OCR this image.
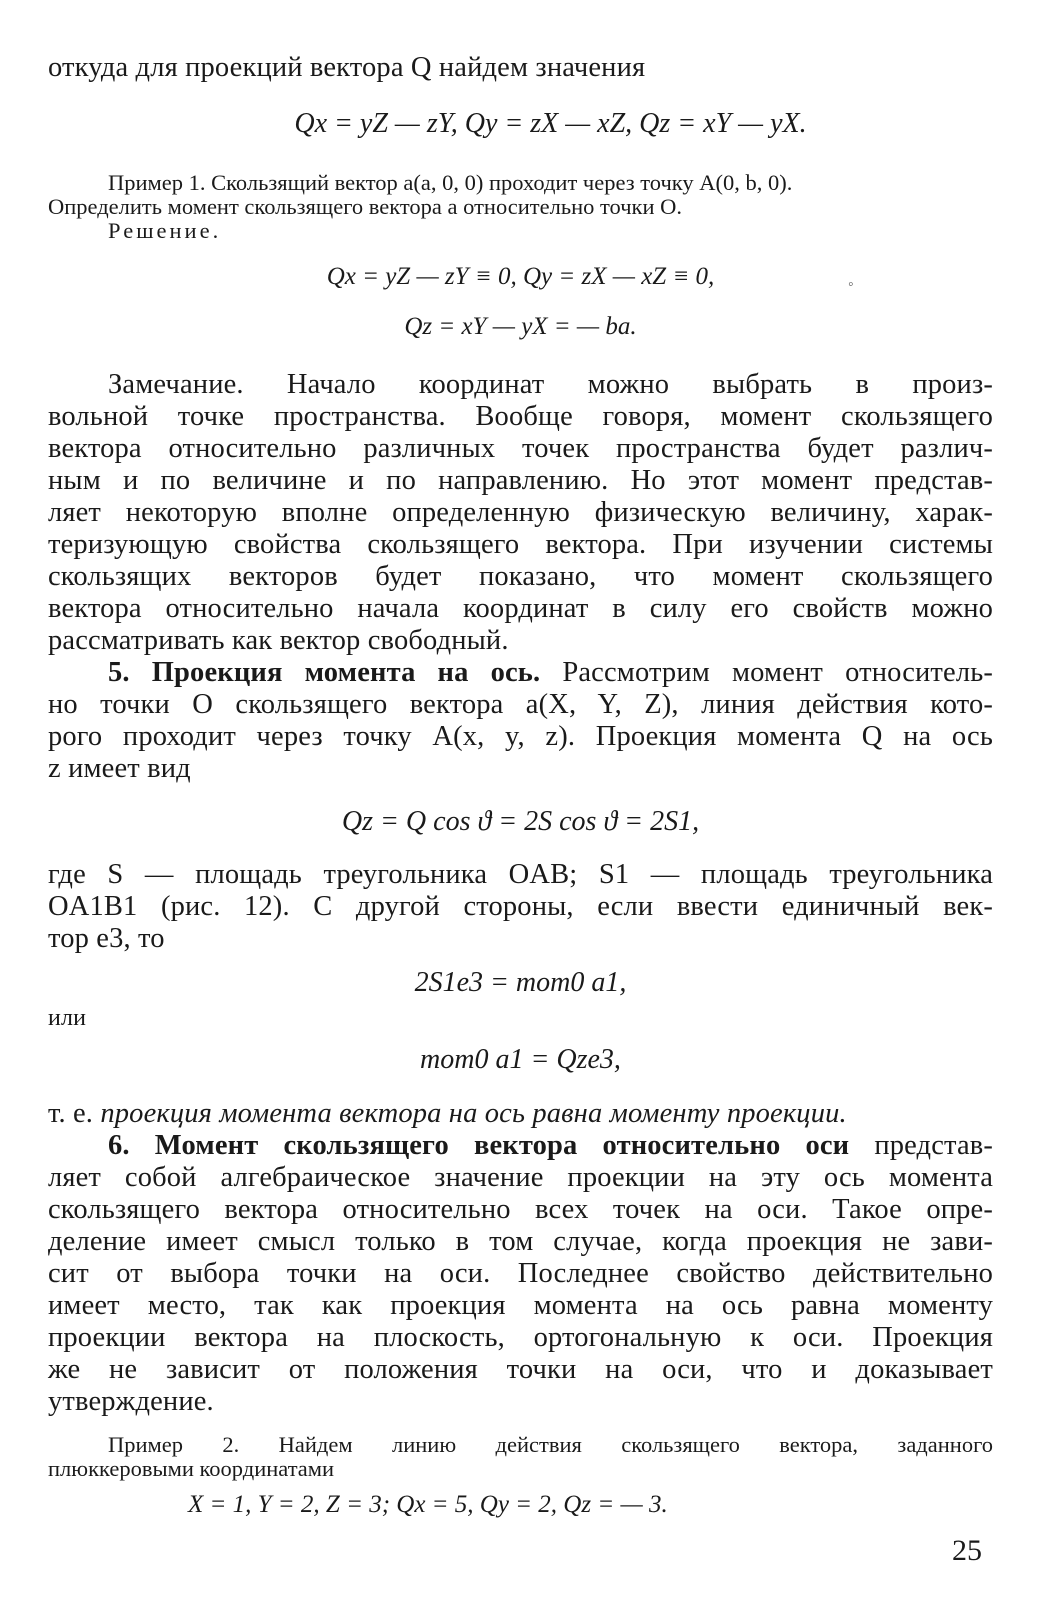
откуда для проекций вектора Q найдем значения
Qx = yZ — zY, Qy = zX — xZ, Qz = xY — yX.
Пример 1. Скользящий вектор a(a, 0, 0) проходит через точку A(0, b, 0).
Определить момент скользящего вектора a относительно точки O.
Решение.
Qx = yZ — zY ≡ 0, Qy = zX — xZ ≡ 0,
Qz = xY — yX = — ba.
Замечание. Начало координат можно выбрать в произ-
вольной точке пространства. Вообще говоря, момент скользящего
вектора относительно различных точек пространства будет различ-
ным и по величине и по направлению. Но этот момент представ-
ляет некоторую вполне определенную физическую величину, харак-
теризующую свойства скользящего вектора. При изучении системы
скользящих векторов будет показано, что момент скользящего
вектора относительно начала координат в силу его свойств можно
рассматривать как вектор свободный.
5. Проекция момента на ось. Рассмотрим момент относитель-
но точки O скользящего вектора a(X, Y, Z), линия действия кото-
рого проходит через точку A(x, y, z). Проекция момента Q на ось
z имеет вид
Qz = Q cos ϑ = 2S cos ϑ = 2S1,
где S — площадь треугольника OAB; S1 — площадь треугольника
OA1B1 (рис. 12). С другой стороны, если ввести единичный век-
тор e3, то
2S1e3 = mom0 a1,
или
mom0 a1 = Qze3,
т. е. проекция момента вектора на ось равна моменту проекции.
6. Момент скользящего вектора относительно оси представ-
ляет собой алгебраическое значение проекции на эту ось момента
скользящего вектора относительно всех точек на оси. Такое опре-
деление имеет смысл только в том случае, когда проекция не зави-
сит от выбора точки на оси. Последнее свойство действительно
имеет место, так как проекция момента на ось равна моменту
проекции вектора на плоскость, ортогональную к оси. Проекция
же не зависит от положения точки на оси, что и доказывает
утверждение.
Пример 2. Найдем линию действия скользящего вектора, заданного
плюккеровыми координатами
X = 1, Y = 2, Z = 3; Qx = 5, Qy = 2, Qz = — 3.
25
◦
